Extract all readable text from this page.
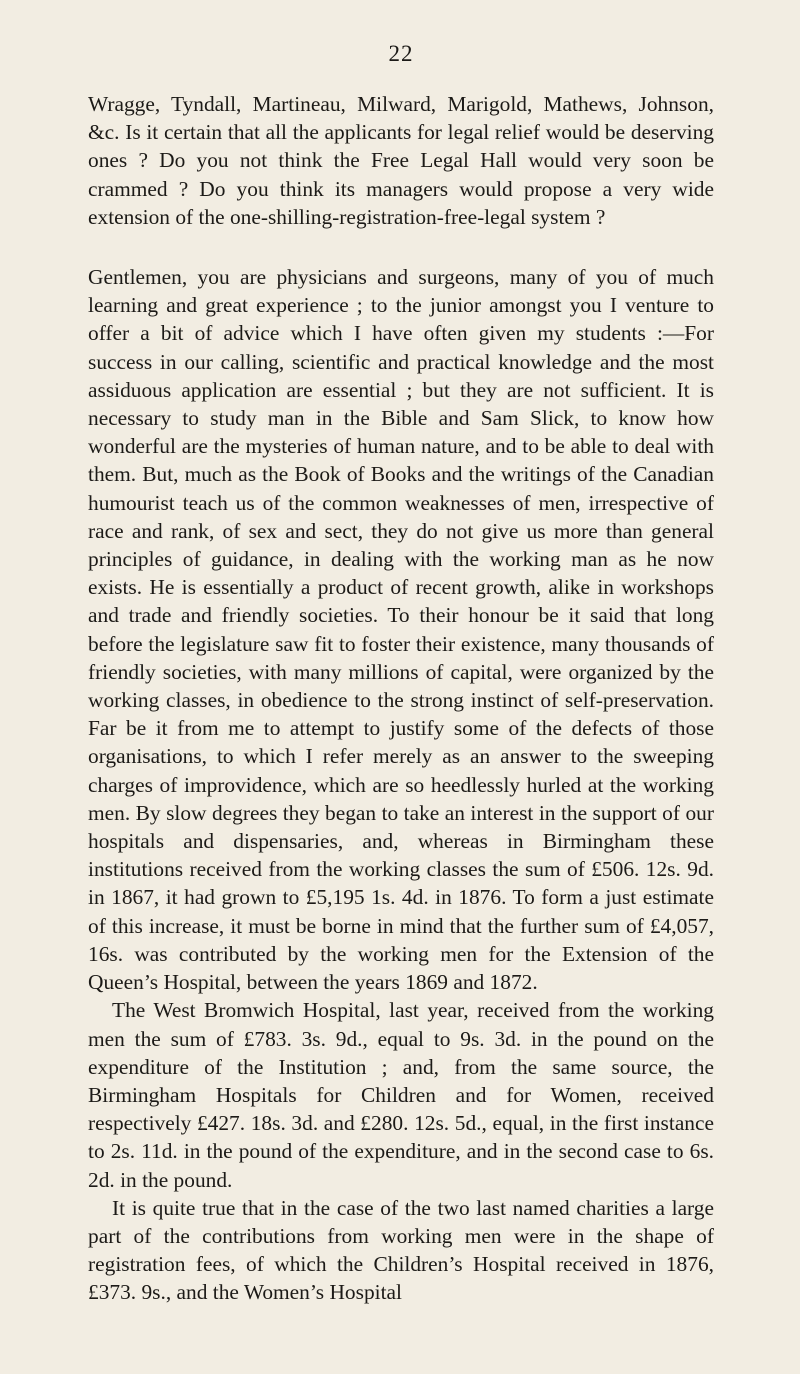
22

Wragge, Tyndall, Martineau, Milward, Marigold, Mathews, Johnson, &c. Is it certain that all the applicants for legal relief would be deserving ones ? Do you not think the Free Legal Hall would very soon be crammed ? Do you think its managers would propose a very wide extension of the one-shilling-registration-free-legal system ?

Gentlemen, you are physicians and surgeons, many of you of much learning and great experience ; to the junior amongst you I venture to offer a bit of advice which I have often given my students :—For success in our calling, scientific and practical knowledge and the most assiduous application are essential ; but they are not sufficient. It is necessary to study man in the Bible and Sam Slick, to know how wonderful are the mysteries of human nature, and to be able to deal with them. But, much as the Book of Books and the writings of the Canadian humourist teach us of the common weaknesses of men, irrespective of race and rank, of sex and sect, they do not give us more than general principles of guidance, in dealing with the working man as he now exists. He is essentially a product of recent growth, alike in workshops and trade and friendly societies. To their honour be it said that long before the legislature saw fit to foster their existence, many thousands of friendly societies, with many millions of capital, were organized by the working classes, in obedience to the strong instinct of self-preservation. Far be it from me to attempt to justify some of the defects of those organisations, to which I refer merely as an answer to the sweeping charges of improvidence, which are so heedlessly hurled at the working men. By slow degrees they began to take an interest in the support of our hospitals and dispensaries, and, whereas in Birmingham these institutions received from the working classes the sum of £506. 12s. 9d. in 1867, it had grown to £5,195 1s. 4d. in 1876. To form a just estimate of this increase, it must be borne in mind that the further sum of £4,057, 16s. was contributed by the working men for the Extension of the Queen’s Hospital, between the years 1869 and 1872.

The West Bromwich Hospital, last year, received from the working men the sum of £783. 3s. 9d., equal to 9s. 3d. in the pound on the expenditure of the Institution ; and, from the same source, the Birmingham Hospitals for Children and for Women, received respectively £427. 18s. 3d. and £280. 12s. 5d., equal, in the first instance to 2s. 11d. in the pound of the expenditure, and in the second case to 6s. 2d. in the pound.

It is quite true that in the case of the two last named charities a large part of the contributions from working men were in the shape of registration fees, of which the Children’s Hospital received in 1876, £373. 9s., and the Women’s Hospital
